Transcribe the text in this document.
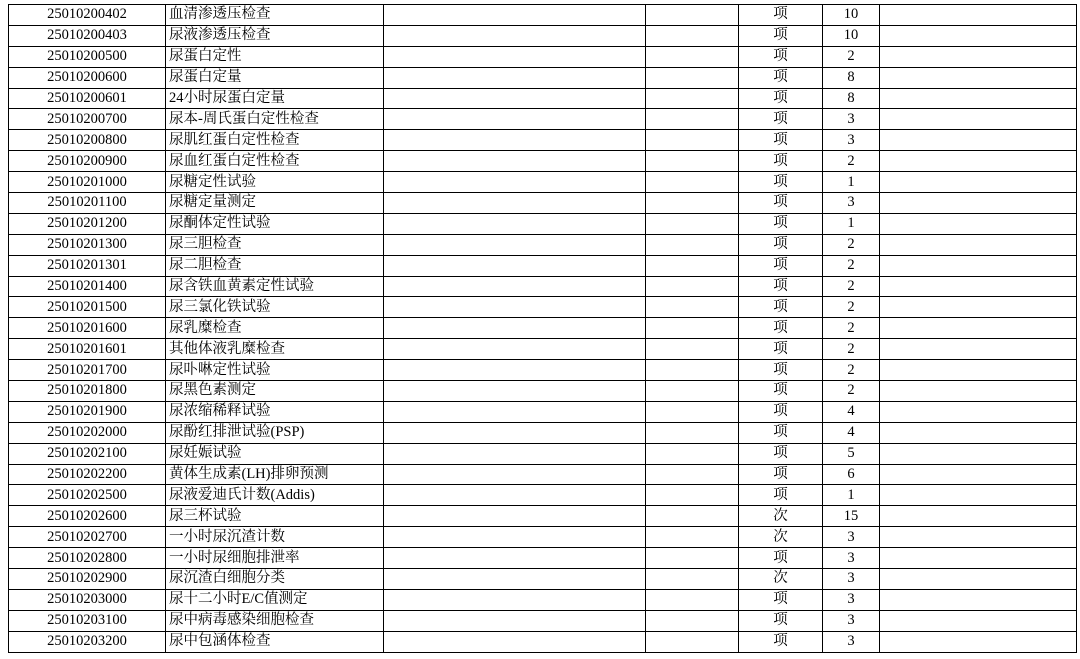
25010200402	血清渗透压检查			项	10	
25010200403	尿液渗透压检查			项	10	
25010200500	尿蛋白定性			项	2	
25010200600	尿蛋白定量			项	8	
25010200601	24小时尿蛋白定量			项	8	
25010200700	尿本-周氏蛋白定性检查			项	3	
25010200800	尿肌红蛋白定性检查			项	3	
25010200900	尿血红蛋白定性检查			项	2	
25010201000	尿糖定性试验			项	1	
25010201100	尿糖定量测定			项	3	
25010201200	尿酮体定性试验			项	1	
25010201300	尿三胆检查			项	2	
25010201301	尿二胆检查			项	2	
25010201400	尿含铁血黄素定性试验			项	2	
25010201500	尿三氯化铁试验			项	2	
25010201600	尿乳糜检查			项	2	
25010201601	其他体液乳糜检查			项	2	
25010201700	尿卟啉定性试验			项	2	
25010201800	尿黑色素测定			项	2	
25010201900	尿浓缩稀释试验			项	4	
25010202000	尿酚红排泄试验(PSP)			项	4	
25010202100	尿妊娠试验			项	5	
25010202200	黄体生成素(LH)排卵预测			项	6	
25010202500	尿液爱迪氏计数(Addis)			项	1	
25010202600	尿三杯试验			次	15	
25010202700	一小时尿沉渣计数			次	3	
25010202800	一小时尿细胞排泄率			项	3	
25010202900	尿沉渣白细胞分类			次	3	
25010203000	尿十二小时E/C值测定			项	3	
25010203100	尿中病毒感染细胞检查			项	3	
25010203200	尿中包涵体检查			项	3	
